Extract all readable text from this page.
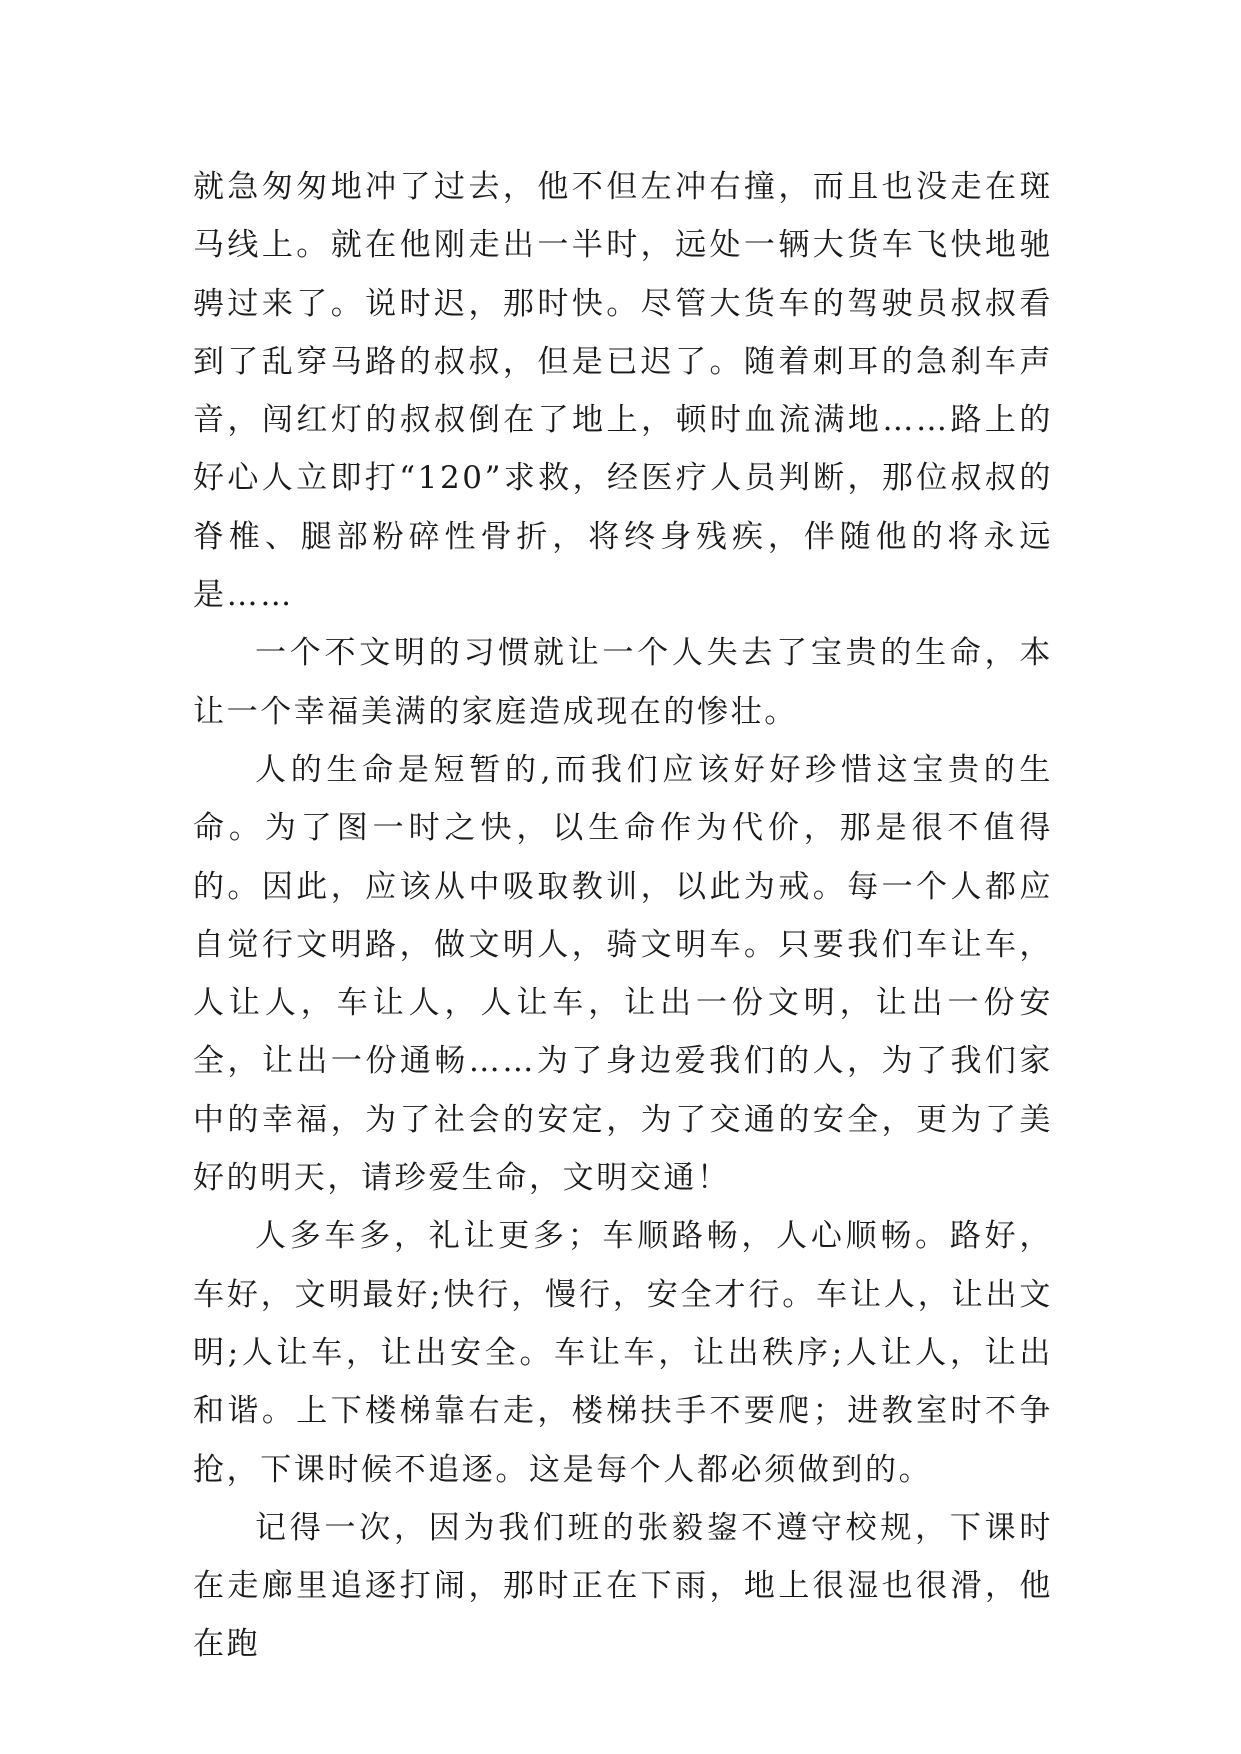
就急匆匆地冲了过去，他不但左冲右撞，而且也没走在斑马线上。就在他刚走出一半时，远处一辆大货车飞快地驰骋过来了。说时迟，那时快。尽管大货车的驾驶员叔叔看到了乱穿马路的叔叔，但是已迟了。随着刺耳的急刹车声音，闯红灯的叔叔倒在了地上，顿时血流满地……路上的好心人立即打“120”求救，经医疗人员判断，那位叔叔的脊椎、腿部粉碎性骨折，将终身残疾，伴随他的将永远是……

一个不文明的习惯就让一个人失去了宝贵的生命，本让一个幸福美满的家庭造成现在的惨壮。

人的生命是短暂的,而我们应该好好珍惜这宝贵的生命。为了图一时之快，以生命作为代价，那是很不值得的。因此，应该从中吸取教训，以此为戒。每一个人都应自觉行文明路，做文明人，骑文明车。只要我们车让车，人让人，车让人，人让车，让出一份文明，让出一份安全，让出一份通畅……为了身边爱我们的人，为了我们家中的幸福，为了社会的安定，为了交通的安全，更为了美好的明天，请珍爱生命，文明交通！

人多车多，礼让更多；车顺路畅，人心顺畅。路好，车好，文明最好;快行，慢行，安全才行。车让人，让出文明;人让车，让出安全。车让车，让出秩序;人让人，让出和谐。上下楼梯靠右走，楼梯扶手不要爬；进教室时不争抢，下课时候不追逐。这是每个人都必须做到的。

记得一次，因为我们班的张毅鋆不遵守校规，下课时在走廊里追逐打闹，那时正在下雨，地上很湿也很滑，他在跑
